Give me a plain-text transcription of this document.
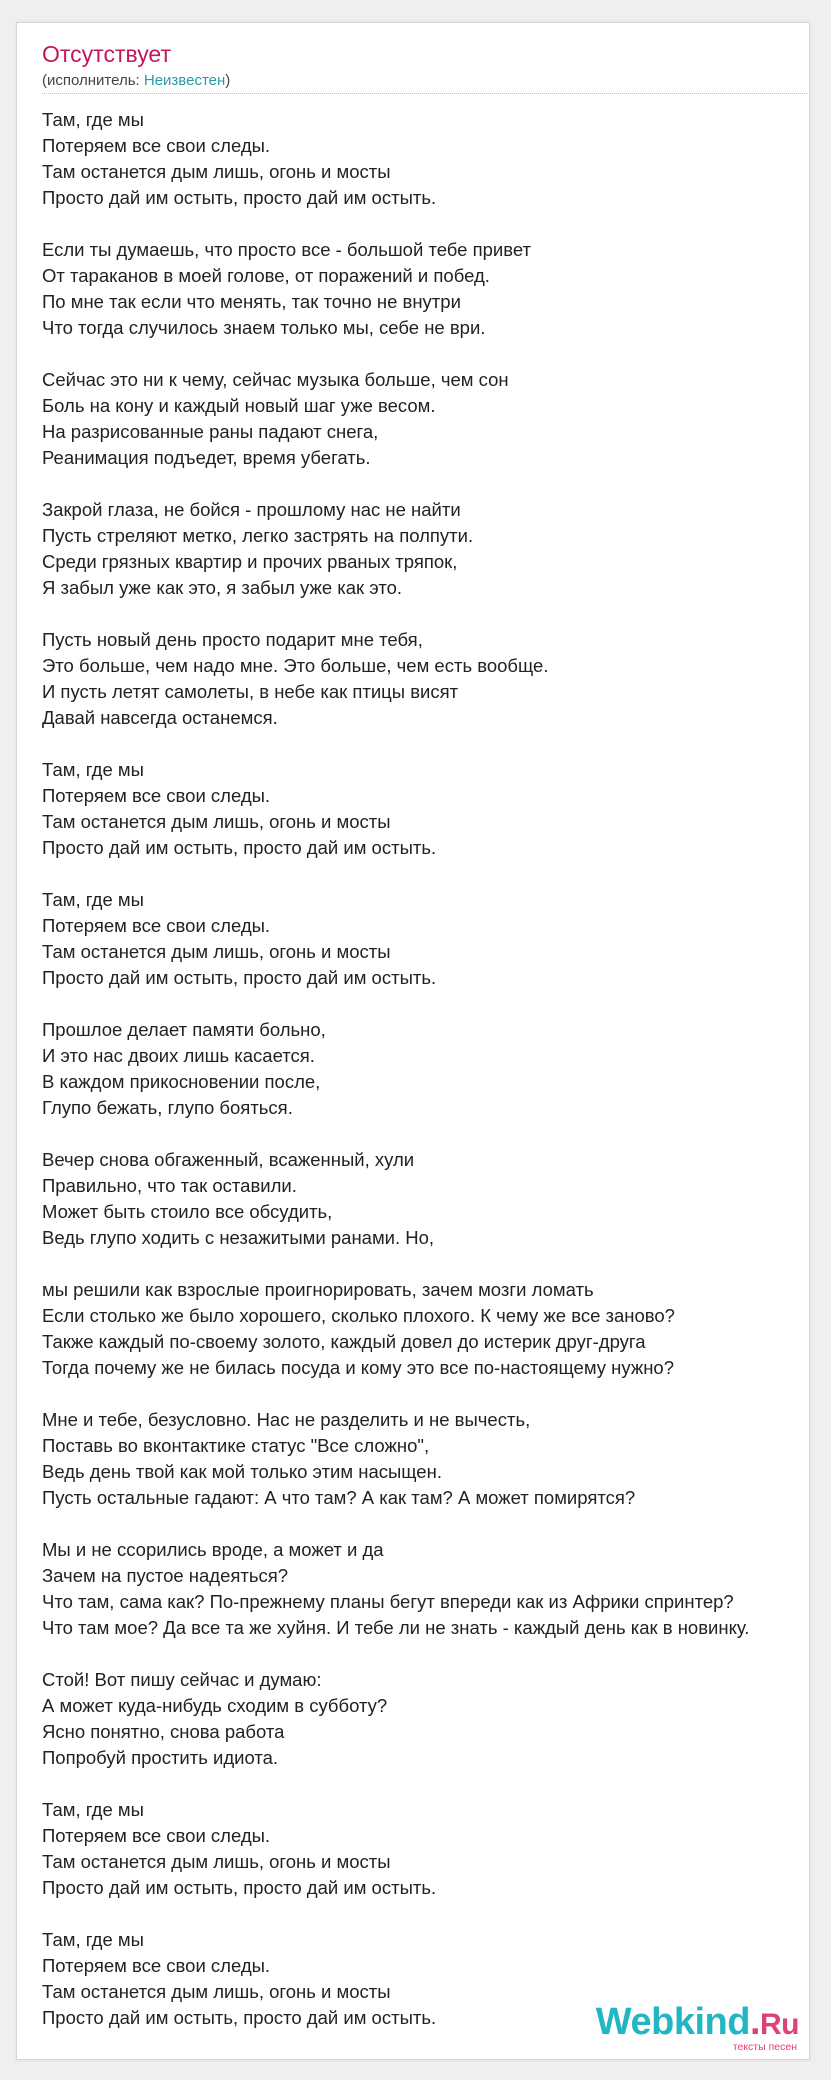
Отсутствует
(исполнитель: Неизвестен)
Там, где мы
Потеряем все свои следы.
Там останется дым лишь, огонь и мосты
Просто дай им остыть, просто дай им остыть.
Если ты думаешь, что просто все - большой тебе привет
От тараканов в моей голове, от поражений и побед.
По мне так если что менять, так точно не внутри
Что тогда случилось знаем только мы, себе не ври.
Сейчас это ни к чему, сейчас музыка больше, чем сон
Боль на кону и каждый новый шаг уже весом.
На разрисованные раны падают снега,
Реанимация подъедет, время убегать.
Закрой глаза, не бойся - прошлому нас не найти
Пусть стреляют метко, легко застрять на полпути.
Среди грязных квартир и прочих рваных тряпок,
Я забыл уже как это, я забыл уже как это.
Пусть новый день просто подарит мне тебя,
Это больше, чем надо мне. Это больше, чем есть вообще.
И пусть летят самолеты, в небе как птицы висят
Давай навсегда останемся.
Там, где мы
Потеряем все свои следы.
Там останется дым лишь, огонь и мосты
Просто дай им остыть, просто дай им остыть.
Там, где мы
Потеряем все свои следы.
Там останется дым лишь, огонь и мосты
Просто дай им остыть, просто дай им остыть.
Прошлое делает памяти больно,
И это нас двоих лишь касается.
В каждом прикосновении после,
Глупо бежать, глупо бояться.
Вечер снова обгаженный, всаженный, хули
Правильно, что так оставили.
Может быть стоило все обсудить,
Ведь глупо ходить с незажитыми ранами. Но,
мы решили как взрослые проигнорировать, зачем мозги ломать
Если столько же было хорошего, сколько плохого. К чему же все заново?
Также каждый по-своему золото, каждый довел до истерик друг-друга
Тогда почему же не билась посуда и кому это все по-настоящему нужно?
Мне и тебе, безусловно. Нас не разделить и не вычесть,
Поставь во вконтактике статус "Все сложно",
Ведь день твой как мой только этим насыщен.
Пусть остальные гадают: А что там? А как там? А может помирятся?
Мы и не ссорились вроде, а может и да
Зачем на пустое надеяться?
Что там, сама как? По-прежнему планы бегут впереди как из Африки спринтер?
Что там мое? Да все та же хуйня. И тебе ли не знать - каждый день как в новинку.
Стой! Вот пишу сейчас и думаю:
А может куда-нибудь сходим в субботу?
Ясно понятно, снова работа
Попробуй простить идиота.
Там, где мы
Потеряем все свои следы.
Там останется дым лишь, огонь и мосты
Просто дай им остыть, просто дай им остыть.
Там, где мы
Потеряем все свои следы.
Там останется дым лишь, огонь и мосты
Просто дай им остыть, просто дай им остыть.	Webkind.Ru
тексты песен
